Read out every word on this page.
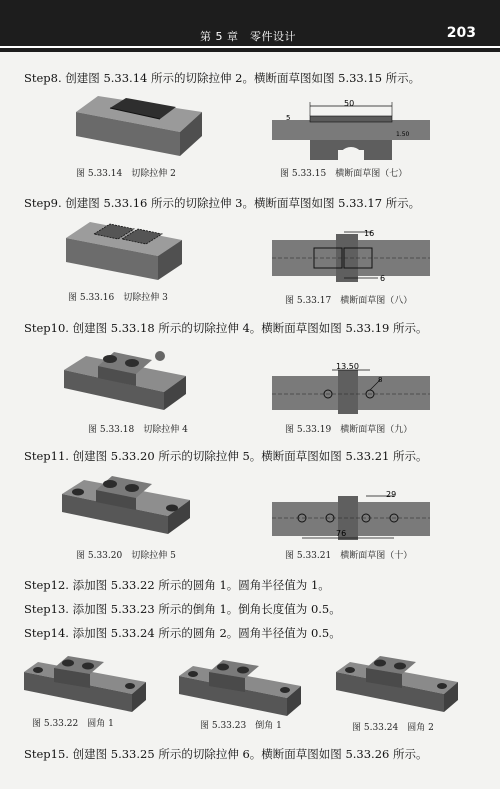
第 5 章　零件设计	203
Step8. 创建图 5.33.14 所示的切除拉伸 2。横断面草图如图 5.33.15 所示。
50
5
1.50
图 5.33.14　切除拉伸 2	图 5.33.15　横断面草图（七）
Step9. 创建图 5.33.16 所示的切除拉伸 3。横断面草图如图 5.33.17 所示。
16
6
图 5.33.16　切除拉伸 3	图 5.33.17　横断面草图（八）
Step10. 创建图 5.33.18 所示的切除拉伸 4。横断面草图如图 5.33.19 所示。
13.50
8
图 5.33.18　切除拉伸 4	图 5.33.19　横断面草图（九）
Step11. 创建图 5.33.20 所示的切除拉伸 5。横断面草图如图 5.33.21 所示。
29
76
图 5.33.20　切除拉伸 5	图 5.33.21　横断面草图（十）
Step12. 添加图 5.33.22 所示的圆角 1。圆角半径值为 1。
Step13. 添加图 5.33.23 所示的倒角 1。倒角长度值为 0.5。
Step14. 添加图 5.33.24 所示的圆角 2。圆角半径值为 0.5。
图 5.33.22　圆角 1	图 5.33.23　倒角 1	图 5.33.24　圆角 2
Step15. 创建图 5.33.25 所示的切除拉伸 6。横断面草图如图 5.33.26 所示。
